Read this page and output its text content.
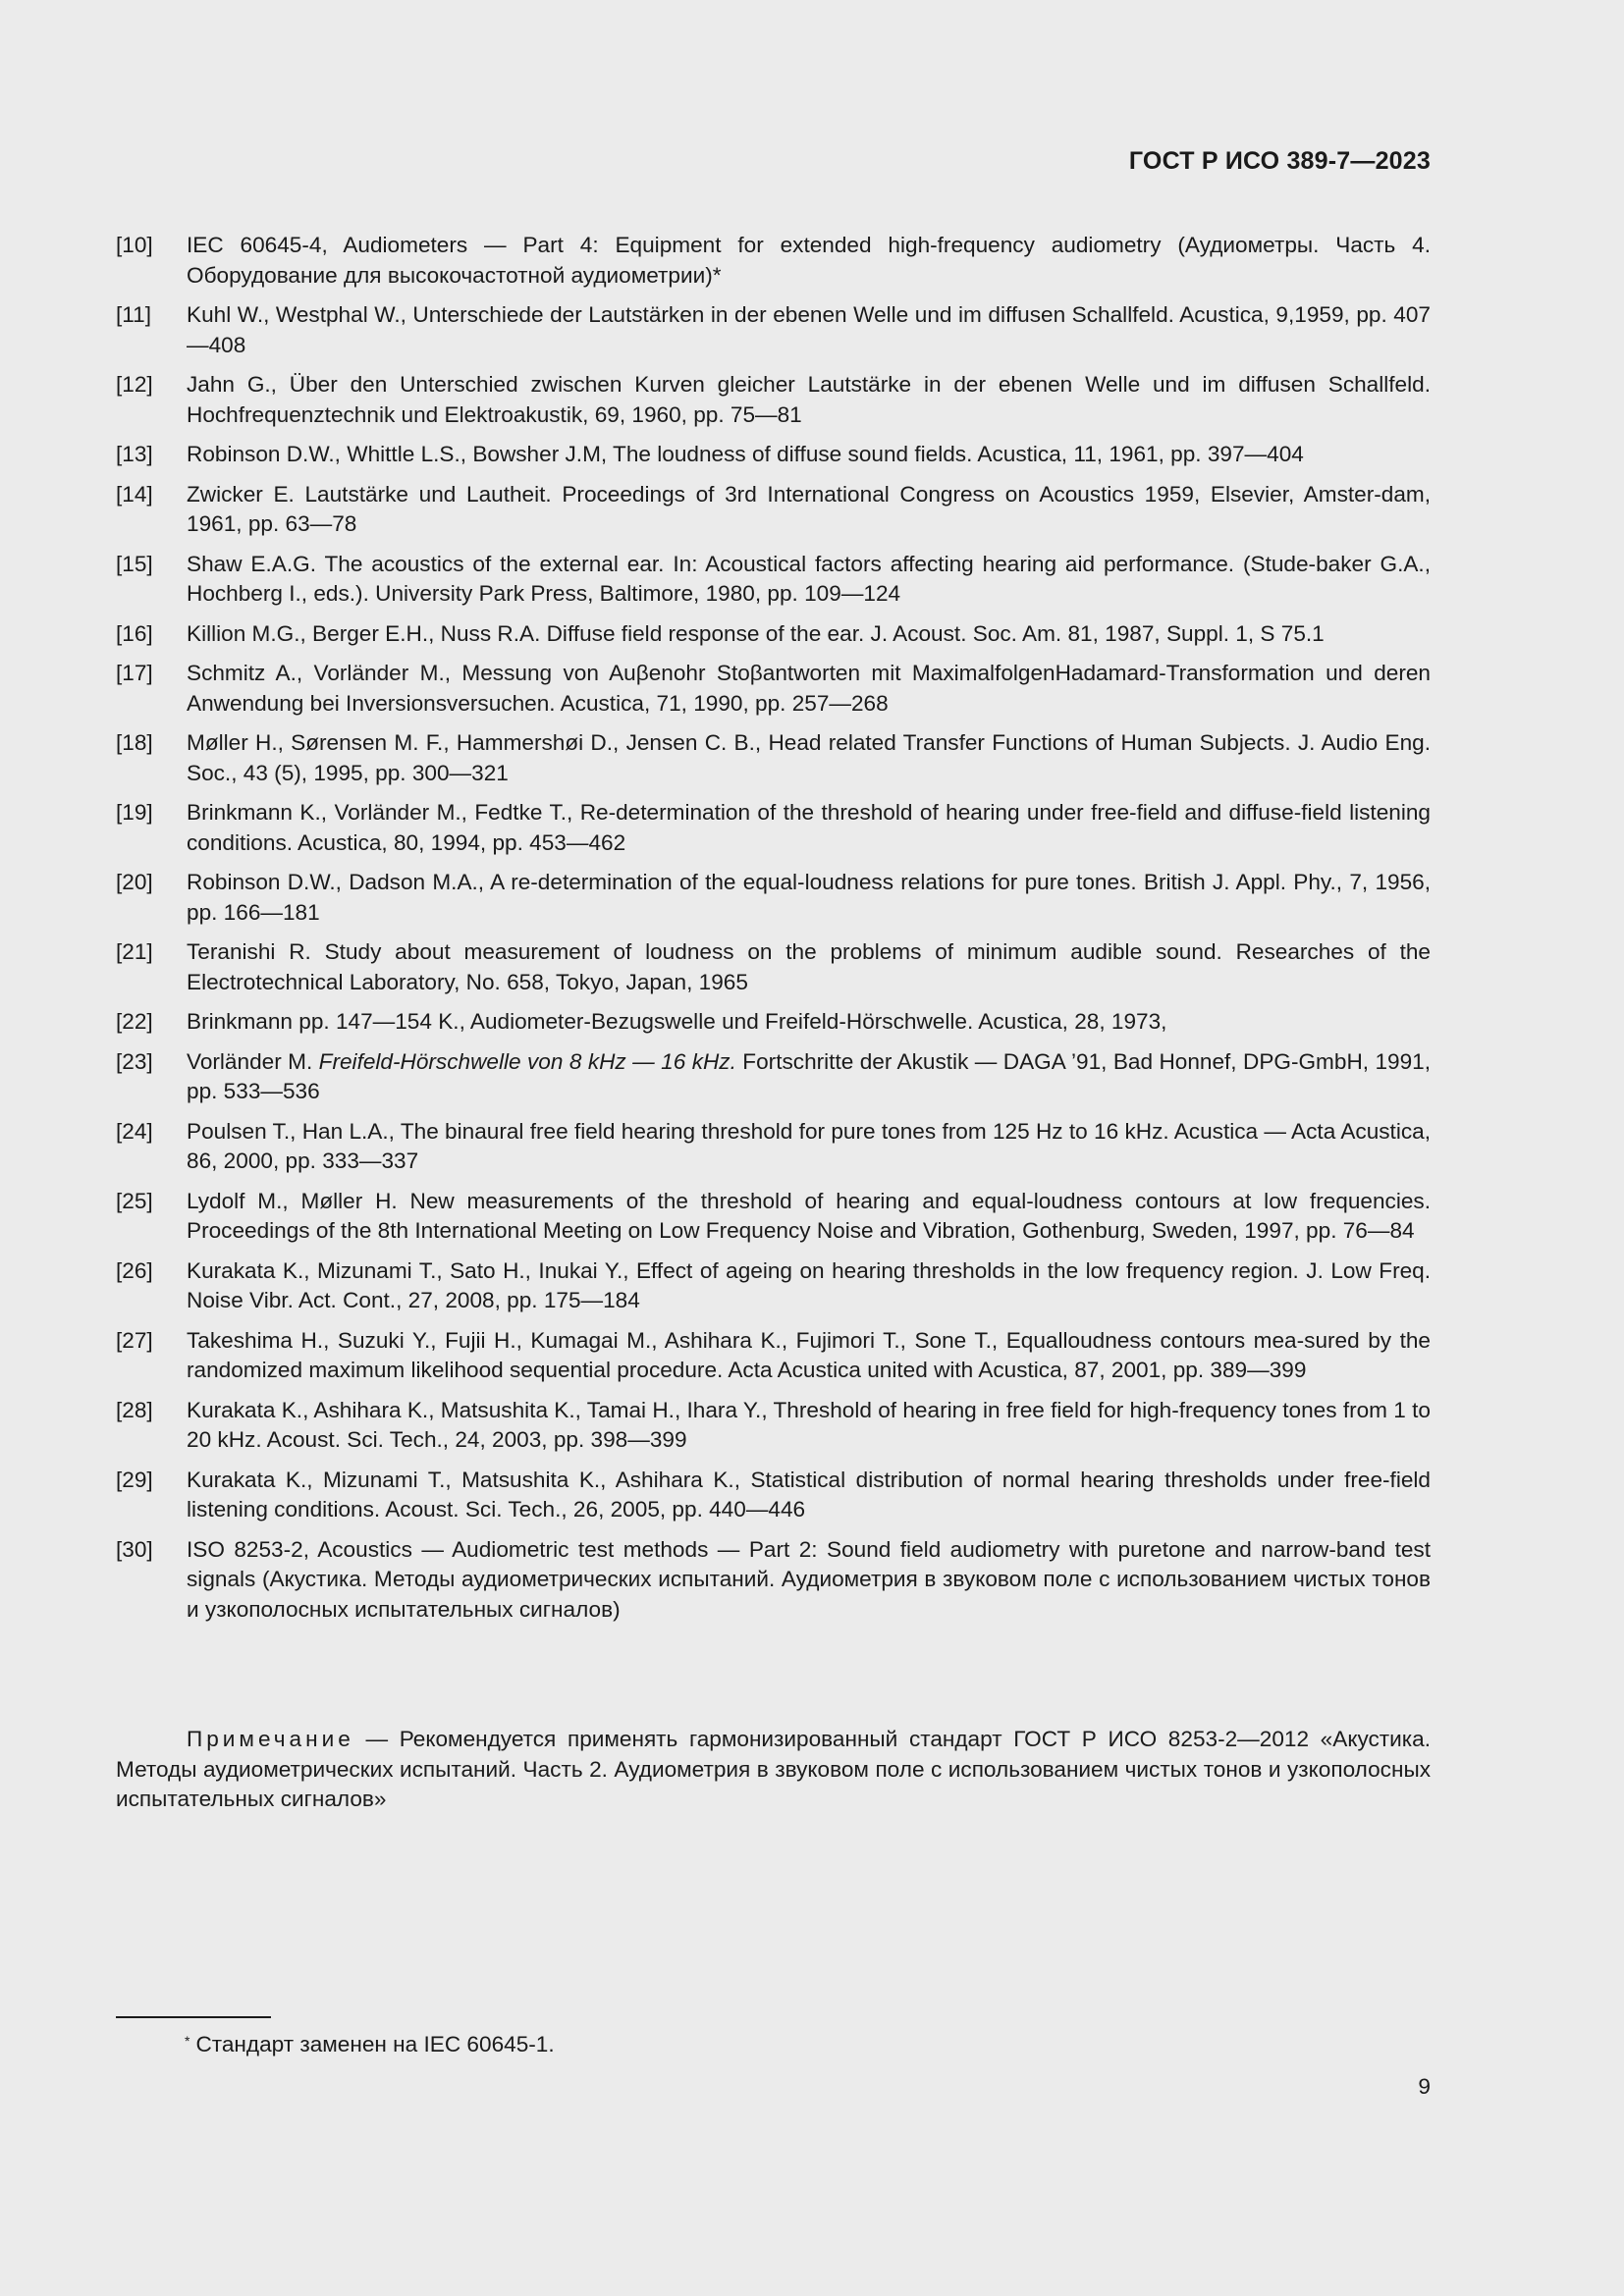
ГОСТ Р ИСО 389-7—2023
[10]	IEC 60645-4, Audiometers — Part 4: Equipment for extended high-frequency audiometry (Аудиометры. Часть 4. Оборудование для высокочастотной аудиометрии)*
[11]	Kuhl W., Westphal W., Unterschiede der Lautstärken in der ebenen Welle und im diffusen Schallfeld. Acustica, 9,1959, pp. 407—408
[12]	Jahn G., Über den Unterschied zwischen Kurven gleicher Lautstärke in der ebenen Welle und im diffusen Schallfeld. Hochfrequenztechnik und Elektroakustik, 69, 1960, pp. 75—81
[13]	Robinson D.W., Whittle L.S., Bowsher J.M, The loudness of diffuse sound fields. Acustica, 11, 1961, pp. 397—404
[14]	Zwicker E. Lautstärke und Lautheit. Proceedings of 3rd International Congress on Acoustics 1959, Elsevier, Amster-dam, 1961, pp. 63—78
[15]	Shaw E.A.G. The acoustics of the external ear. In: Acoustical factors affecting hearing aid performance. (Stude-baker G.A., Hochberg I., eds.). University Park Press, Baltimore, 1980, pp. 109—124
[16]	Killion M.G., Berger E.H., Nuss R.A. Diffuse field response of the ear. J. Acoust. Soc. Am. 81, 1987, Suppl. 1, S 75.1
[17]	Schmitz A., Vorländer M., Messung von Auβenohr Stoβantworten mit MaximalfolgenHadamard-Transformation und deren Anwendung bei Inversionsversuchen. Acustica, 71, 1990, pp. 257—268
[18]	Møller H., Sørensen M. F., Hammershøi D., Jensen C. B., Head related Transfer Functions of Human Subjects. J. Audio Eng. Soc., 43 (5), 1995, pp. 300—321
[19]	Brinkmann K., Vorländer M., Fedtke T., Re-determination of the threshold of hearing under free-field and diffuse-field listening conditions. Acustica, 80, 1994, pp. 453—462
[20]	Robinson D.W., Dadson M.A., A re-determination of the equal-loudness relations for pure tones. British J. Appl. Phy., 7, 1956, pp. 166—181
[21]	Teranishi R. Study about measurement of loudness on the problems of minimum audible sound. Researches of the Electrotechnical Laboratory, No. 658, Tokyo, Japan, 1965
[22]	Brinkmann pp. 147—154 K., Audiometer-Bezugswelle und Freifeld-Hörschwelle. Acustica, 28, 1973,
[23]	Vorländer M. Freifeld-Hörschwelle von 8 kHz — 16 kHz. Fortschritte der Akustik — DAGA ’91, Bad Honnef, DPG-GmbH, 1991, pp. 533—536
[24]	Poulsen T., Han L.A., The binaural free field hearing threshold for pure tones from 125 Hz to 16 kHz. Acustica — Acta Acustica, 86, 2000, pp. 333—337
[25]	Lydolf M., Møller H. New measurements of the threshold of hearing and equal-loudness contours at low frequencies. Proceedings of the 8th International Meeting on Low Frequency Noise and Vibration, Gothenburg, Sweden, 1997, pp. 76—84
[26]	Kurakata K., Mizunami T., Sato H., Inukai Y., Effect of ageing on hearing thresholds in the low frequency region. J. Low Freq. Noise Vibr. Act. Cont., 27, 2008, pp. 175—184
[27]	Takeshima H., Suzuki Y., Fujii H., Kumagai M., Ashihara K., Fujimori T., Sone T., Equalloudness contours mea-sured by the randomized maximum likelihood sequential procedure. Acta Acustica united with Acustica, 87, 2001, pp. 389—399
[28]	Kurakata K., Ashihara K., Matsushita K., Tamai H., Ihara Y., Threshold of hearing in free field for high-frequency tones from 1 to 20 kHz. Acoust. Sci. Tech., 24, 2003, pp. 398—399
[29]	Kurakata K., Mizunami T., Matsushita K., Ashihara K., Statistical distribution of normal hearing thresholds under free-field listening conditions. Acoust. Sci. Tech., 26, 2005, pp. 440—446
[30]	ISO 8253-2, Acoustics — Audiometric test methods — Part 2: Sound field audiometry with puretone and narrow-band test signals (Акустика. Методы аудиометрических испытаний. Аудиометрия в звуковом поле с использованием чистых тонов и узкополосных испытательных сигналов)
Примечание — Рекомендуется применять гармонизированный стандарт ГОСТ Р ИСО 8253-2—2012 «Акустика. Методы аудиометрических испытаний. Часть 2. Аудиометрия в звуковом поле с использованием чистых тонов и узкополосных испытательных сигналов»
* Стандарт заменен на IEC 60645-1.
9
